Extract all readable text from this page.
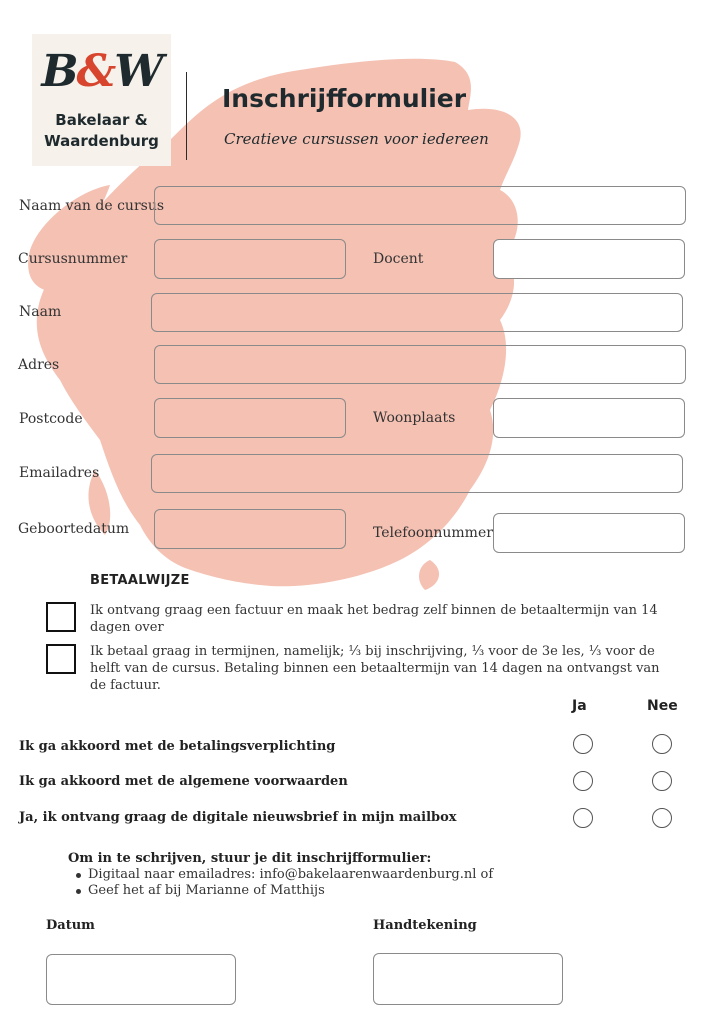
B&W
Bakelaar &
Waardenburg
Inschrijfformulier
Creatieve cursussen voor iedereen
Naam van de cursus
Cursusnummer	Docent
Naam
Adres
Postcode	Woonplaats
Emailadres
Geboortedatum	Telefoonnummer
BETAALWIJZE
Ik ontvang graag een factuur en maak het bedrag zelf binnen de betaaltermijn van 14 dagen over
Ik betaal graag in termijnen, namelijk; ⅓ bij inschrijving, ⅓ voor de 3e les, ⅓ voor de helft van de cursus. Betaling binnen een betaaltermijn van 14 dagen na ontvangst van de factuur.
Ja	Nee
Ik ga akkoord met de betalingsverplichting
Ik ga akkoord met de algemene voorwaarden
Ja, ik ontvang graag de digitale nieuwsbrief in mijn mailbox
Om in te schrijven, stuur je dit inschrijfformulier:
Digitaal naar emailadres: info@bakelaarenwaardenburg.nl of
Geef het af bij Marianne of Matthijs
Datum	Handtekening
